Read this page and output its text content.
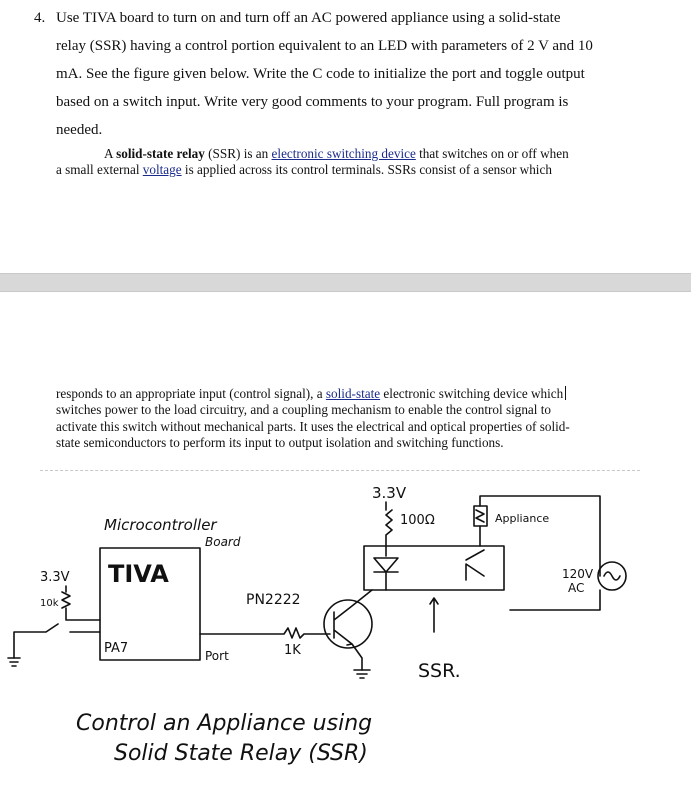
4. Use TIVA board to turn on and turn off an AC powered appliance using a solid-state
relay (SSR) having a control portion equivalent to an LED with parameters of 2 V and 10
mA. See the figure given below. Write the C code to initialize the port and toggle output
based on a switch input. Write very good comments to your program. Full program is
needed.
A solid-state relay (SSR) is an electronic switching device that switches on or off when
a small external voltage is applied across its control terminals. SSRs consist of a sensor which
responds to an appropriate input (control signal), a solid-state electronic switching device which
switches power to the load circuitry, and a coupling mechanism to enable the control signal to
activate this switch without mechanical parts. It uses the electrical and optical properties of solid-
state semiconductors to perform its input to output isolation and switching functions.
3.3V
100Ω	Appliance
SSR.
120V
AC
Microcontroller
Board
TIVA
PA7	Port
3.3V
10k	PN2222
1K
Control an Appliance using
Solid State Relay (SSR)
